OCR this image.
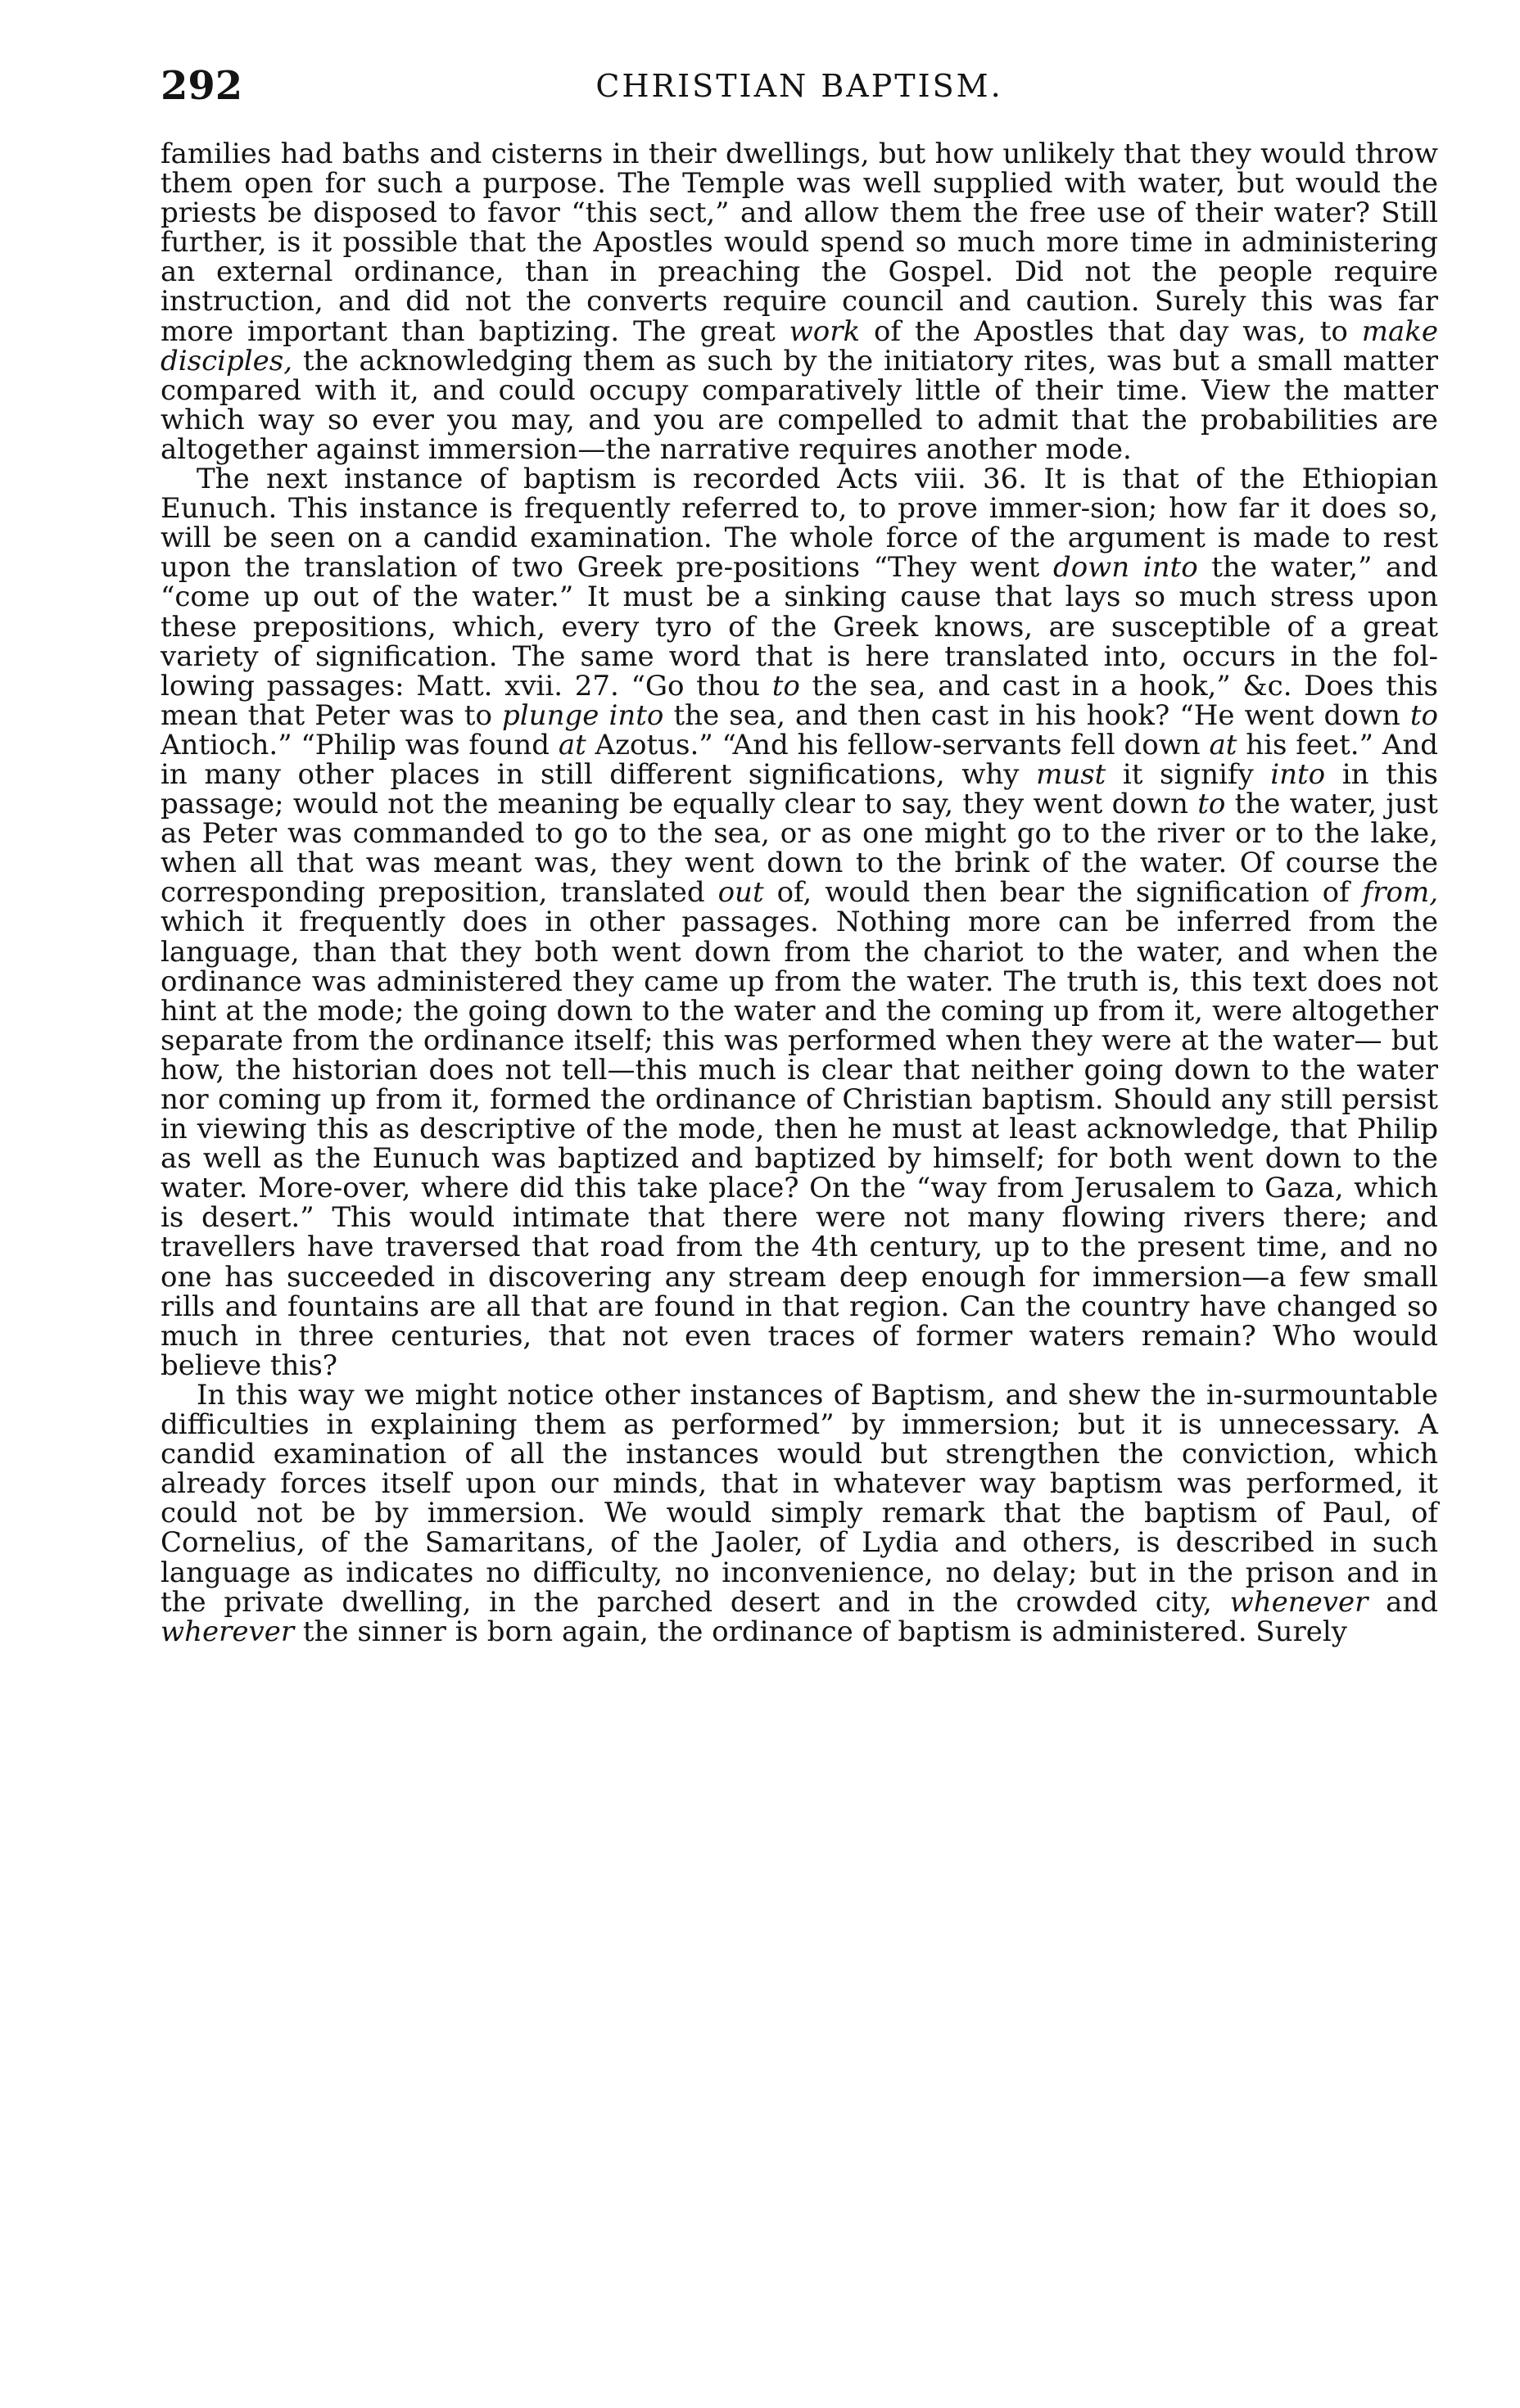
292	CHRISTIAN BAPTISM.

families had baths and cisterns in their dwellings, but how unlikely that they would throw them open for such a purpose. The Temple was well supplied with water, but would the priests be disposed to favor “this sect,” and allow them the free use of their water? Still further, is it possible that the Apostles would spend so much more time in administering an external ordinance, than in preaching the Gospel. Did not the people require instruction, and did not the converts require council and caution. Surely this was far more important than baptizing. The great work of the Apostles that day was, to make disciples, the acknowledging them as such by the initiatory rites, was but a small matter compared with it, and could occupy comparatively little of their time. View the matter which way so ever you may, and you are compelled to admit that the probabilities are altogether against immersion—the narrative requires another mode.

The next instance of baptism is recorded Acts viii. 36. It is that of the Ethiopian Eunuch. This instance is frequently referred to, to prove immer-sion; how far it does so, will be seen on a candid examination. The whole force of the argument is made to rest upon the translation of two Greek pre-positions “They went down into the water,” and “come up out of the water.” It must be a sinking cause that lays so much stress upon these prepositions, which, every tyro of the Greek knows, are susceptible of a great variety of signification. The same word that is here translated into, occurs in the fol-lowing passages: Matt. xvii. 27. “Go thou to the sea, and cast in a hook,” &c. Does this mean that Peter was to plunge into the sea, and then cast in his hook? “He went down to Antioch.” “Philip was found at Azotus.” “And his fellow-servants fell down at his feet.” And in many other places in still different significations, why must it signify into in this passage; would not the meaning be equally clear to say, they went down to the water, just as Peter was commanded to go to the sea, or as one might go to the river or to the lake, when all that was meant was, they went down to the brink of the water. Of course the corresponding preposition, translated out of, would then bear the signification of from, which it frequently does in other passages. Nothing more can be inferred from the language, than that they both went down from the chariot to the water, and when the ordinance was administered they came up from the water. The truth is, this text does not hint at the mode; the going down to the water and the coming up from it, were altogether separate from the ordinance itself; this was performed when they were at the water— but how, the historian does not tell—this much is clear that neither going down to the water nor coming up from it, formed the ordinance of Christian baptism. Should any still persist in viewing this as descriptive of the mode, then he must at least acknowledge, that Philip as well as the Eunuch was baptized and baptized by himself; for both went down to the water. More-over, where did this take place? On the “way from Jerusalem to Gaza, which is desert.” This would intimate that there were not many flowing rivers there; and travellers have traversed that road from the 4th century, up to the present time, and no one has succeeded in discovering any stream deep enough for immersion—a few small rills and fountains are all that are found in that region. Can the country have changed so much in three centuries, that not even traces of former waters remain? Who would believe this?

In this way we might notice other instances of Baptism, and shew the in-surmountable difficulties in explaining them as performed” by immersion; but it is unnecessary. A candid examination of all the instances would but strengthen the conviction, which already forces itself upon our minds, that in whatever way baptism was performed, it could not be by immersion. We would simply remark that the baptism of Paul, of Cornelius, of the Samaritans, of the Jaoler, of Lydia and others, is described in such language as indicates no difficulty, no inconvenience, no delay; but in the prison and in the private dwelling, in the parched desert and in the crowded city, whenever and wherever the sinner is born again, the ordinance of baptism is administered. Surely
